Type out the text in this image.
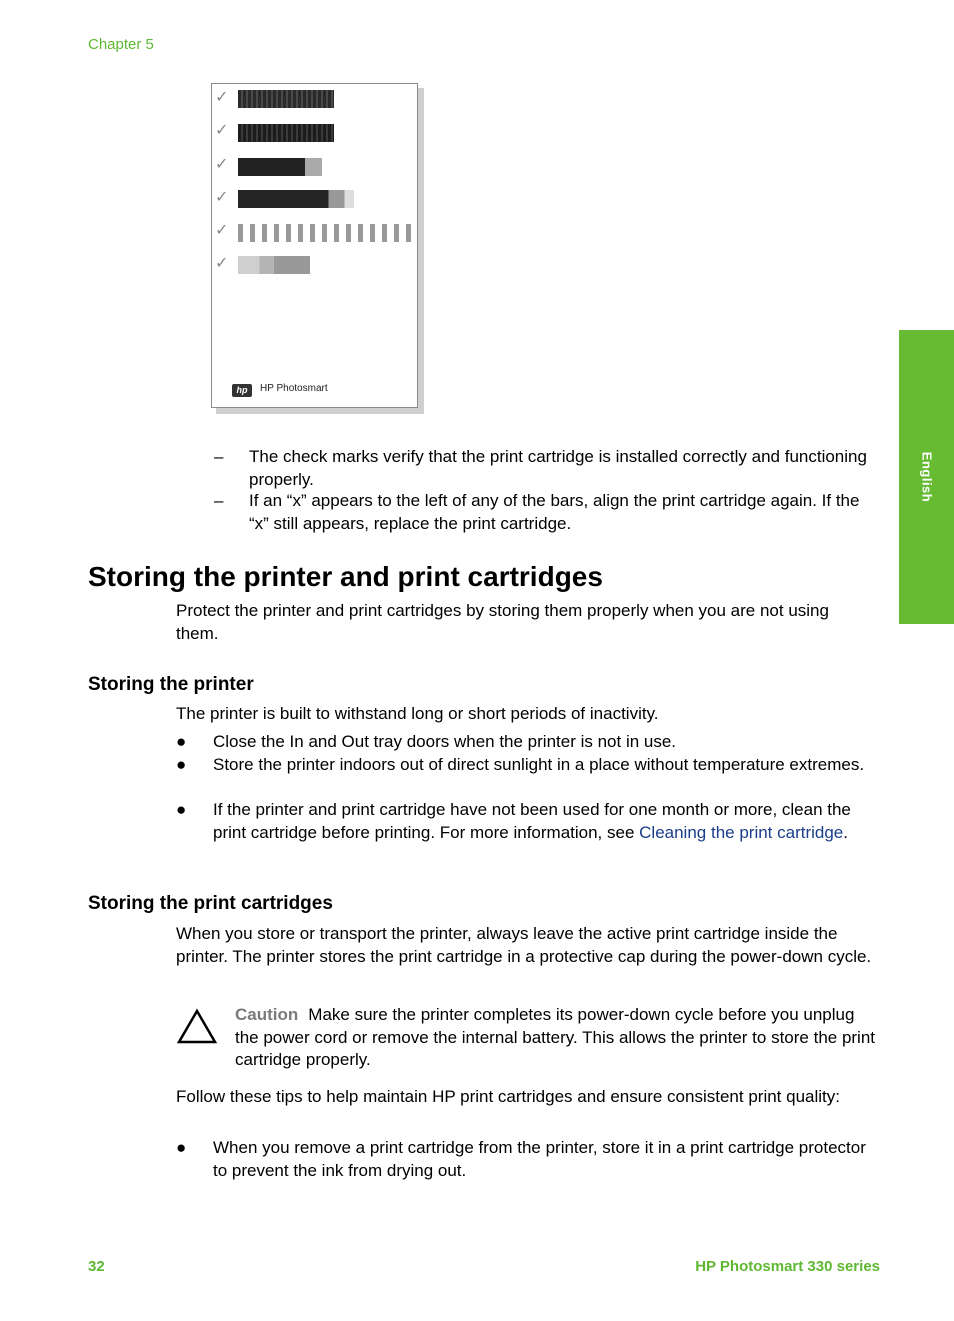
Chapter 5
English
✓
✓
✓
✓
✓
✓
hp	HP Photosmart
– The check marks verify that the print cartridge is installed correctly and functioning properly.
– If an “x” appears to the left of any of the bars, align the print cartridge again. If the “x” still appears, replace the print cartridge.
Storing the printer and print cartridges
Protect the printer and print cartridges by storing them properly when you are not using them.
Storing the printer
The printer is built to withstand long or short periods of inactivity.
● Close the In and Out tray doors when the printer is not in use.
● Store the printer indoors out of direct sunlight in a place without temperature extremes.
● If the printer and print cartridge have not been used for one month or more, clean the print cartridge before printing. For more information, see Cleaning the print cartridge.
Storing the print cartridges
When you store or transport the printer, always leave the active print cartridge inside the printer. The printer stores the print cartridge in a protective cap during the power-down cycle.
Caution Make sure the printer completes its power-down cycle before you unplug the power cord or remove the internal battery. This allows the printer to store the print cartridge properly.
Follow these tips to help maintain HP print cartridges and ensure consistent print quality:
● When you remove a print cartridge from the printer, store it in a print cartridge protector to prevent the ink from drying out.
32	HP Photosmart 330 series
